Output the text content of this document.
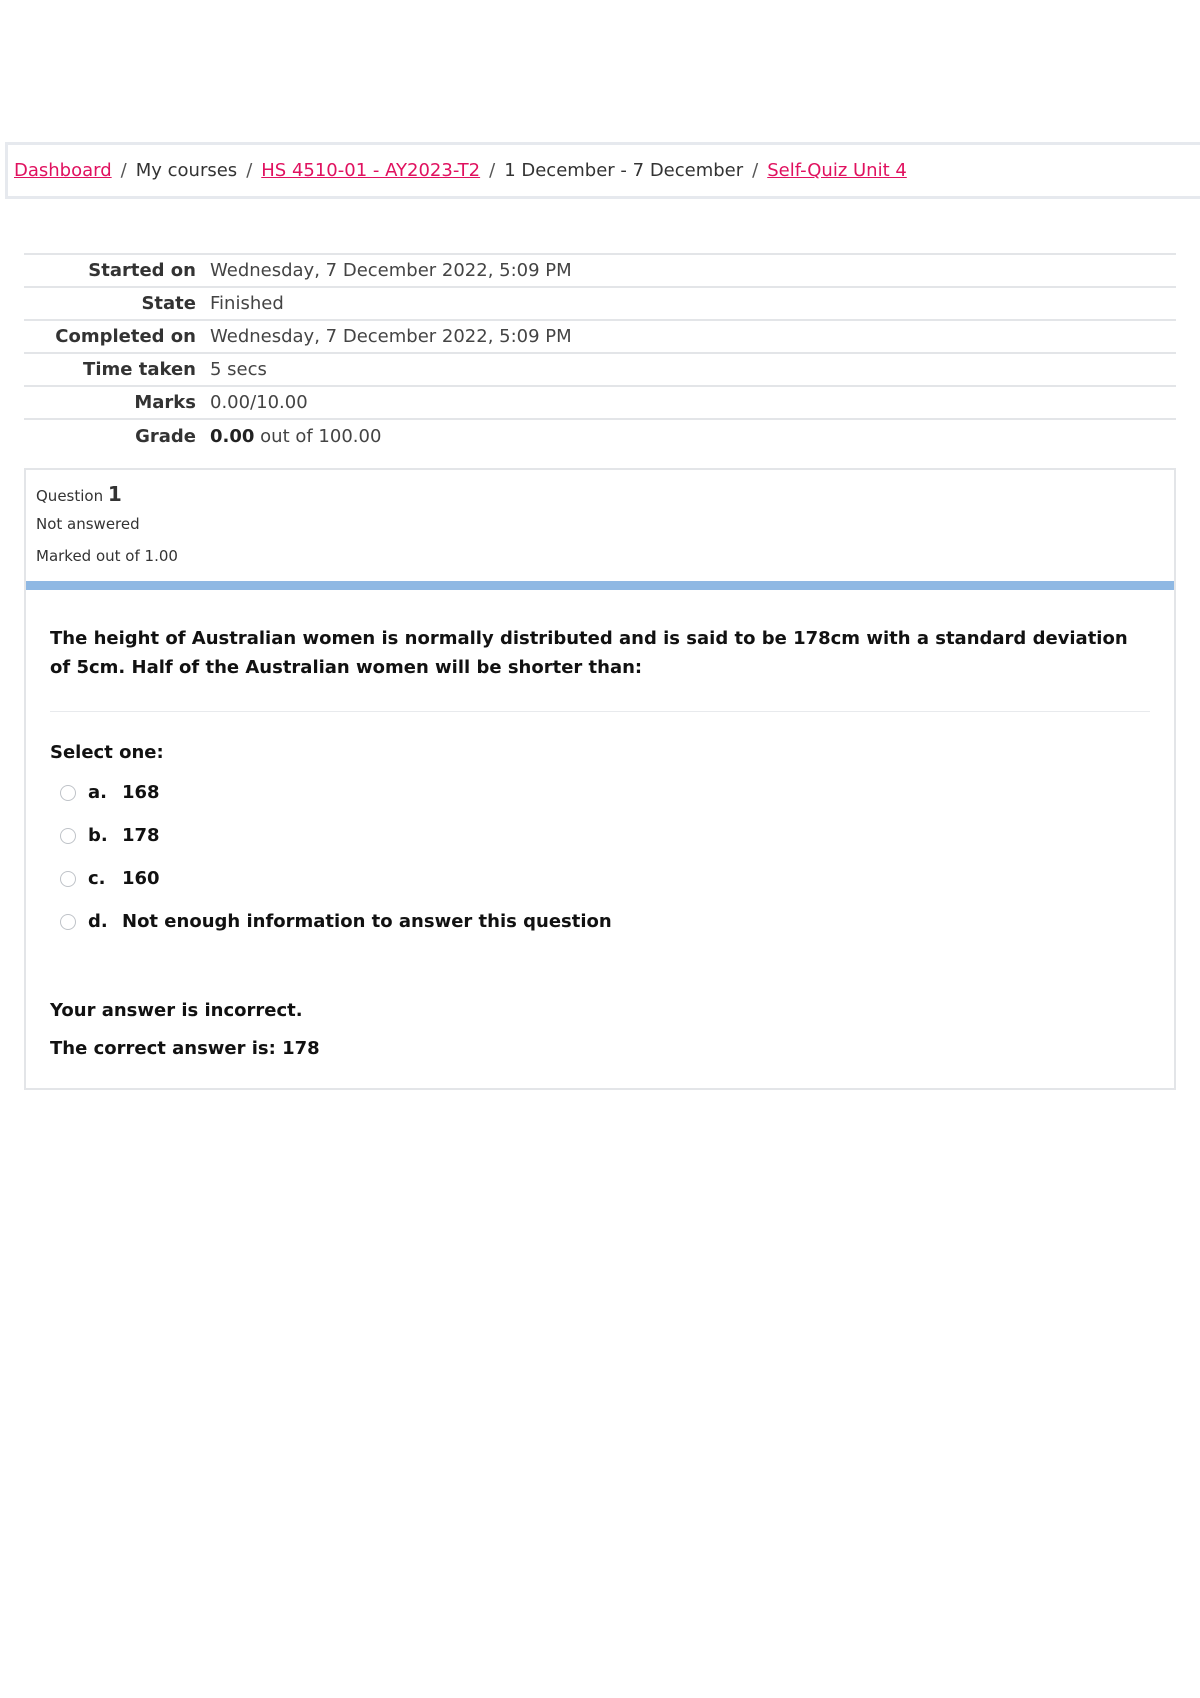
Dashboard / My courses / HS 4510-01 - AY2023-T2 / 1 December - 7 December / Self-Quiz Unit 4
Started on	Wednesday, 7 December 2022, 5:09 PM
State	Finished
Completed on	Wednesday, 7 December 2022, 5:09 PM
Time taken	5 secs
Marks	0.00/10.00
Grade	0.00 out of 100.00
Question 1
Not answered
Marked out of 1.00
The height of Australian women is normally distributed and is said to be 178cm with a standard deviation of 5cm. Half of the Australian women will be shorter than:
Select one:
a. 168
b. 178
c. 160
d. Not enough information to answer this question
Your answer is incorrect.
The correct answer is: 178
